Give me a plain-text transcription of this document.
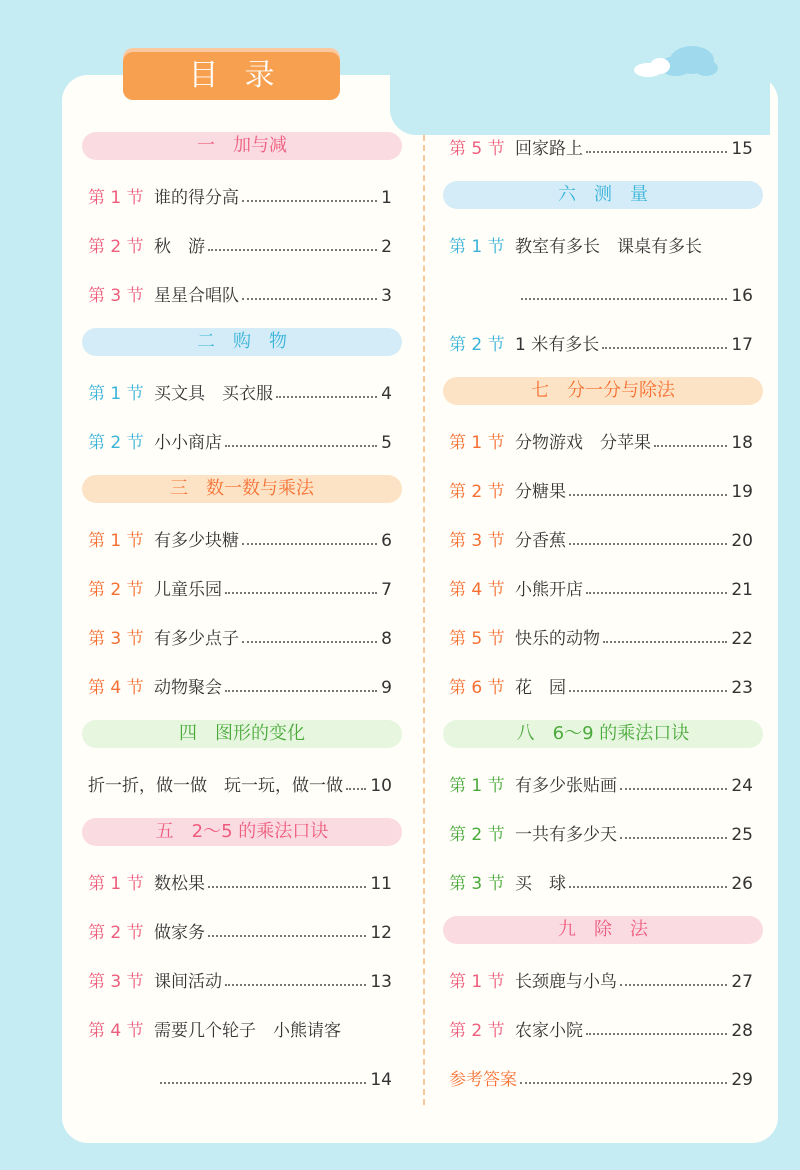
目录
一　加与减
第 1 节 谁的得分高	1
第 2 节 秋　游	2
第 3 节 星星合唱队	3
二　购　物
第 1 节 买文具　买衣服	4
第 2 节 小小商店	5
三　数一数与乘法
第 1 节 有多少块糖	6
第 2 节 儿童乐园	7
第 3 节 有多少点子	8
第 4 节 动物聚会	9
四　图形的变化
折一折，做一做　玩一玩，做一做 10
五　2～5 的乘法口诀
第 1 节 数松果	11
第 2 节 做家务	12
第 3 节 课间活动	13
第 4 节 需要几个轮子　小熊请客
14
第 5 节 回家路上	15
六　测　量
第 1 节 教室有多长　课桌有多长
16
第 2 节 1 米有多长	17
七　分一分与除法
第 1 节 分物游戏　分苹果	18
第 2 节 分糖果	19
第 3 节 分香蕉	20
第 4 节 小熊开店	21
第 5 节 快乐的动物	22
第 6 节 花　园	23
八　6～9 的乘法口诀
第 1 节 有多少张贴画	24
第 2 节 一共有多少天	25
第 3 节 买　球	26
九　除　法
第 1 节 长颈鹿与小鸟	27
第 2 节 农家小院	28
参考答案	29
